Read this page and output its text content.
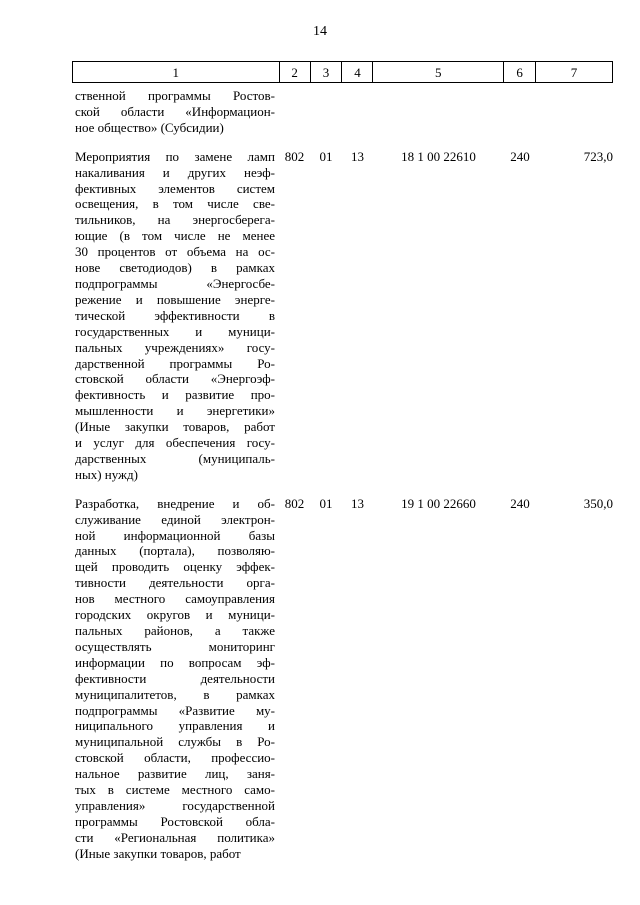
14
1	2	3	4	5	6	7
ственной программы Ростов-
ской области «Информацион-
ное общество» (Субсидии)
Мероприятия по замене ламп
накаливания и других неэф-
фективных элементов систем
освещения, в том числе све-
тильников, на энергосберега-
ющие (в том числе не менее
30 процентов от объема на ос-
нове светодиодов) в рамках
подпрограммы «Энергосбе-
режение и повышение энерге-
тической эффективности в
государственных и муници-
пальных учреждениях» госу-
дарственной программы Ро-
стовской области «Энергоэф-
фективность и развитие про-
мышленности и энергетики»
(Иные закупки товаров, работ
и услуг для обеспечения госу-
дарственных (муниципаль-
ных) нужд)
802	01	13	18 1 00 22610	240	723,0
Разработка, внедрение и об-
служивание единой электрон-
ной информационной базы
данных (портала), позволяю-
щей проводить оценку эффек-
тивности деятельности орга-
нов местного самоуправления
городских округов и муници-
пальных районов, а также
осуществлять мониторинг
информации по вопросам эф-
фективности деятельности
муниципалитетов, в рамках
подпрограммы «Развитие му-
ниципального управления и
муниципальной службы в Ро-
стовской области, профессио-
нальное развитие лиц, заня-
тых в системе местного само-
управления» государственной
программы Ростовской обла-
сти «Региональная политика»
(Иные закупки товаров, работ
802	01	13	19 1 00 22660	240	350,0
